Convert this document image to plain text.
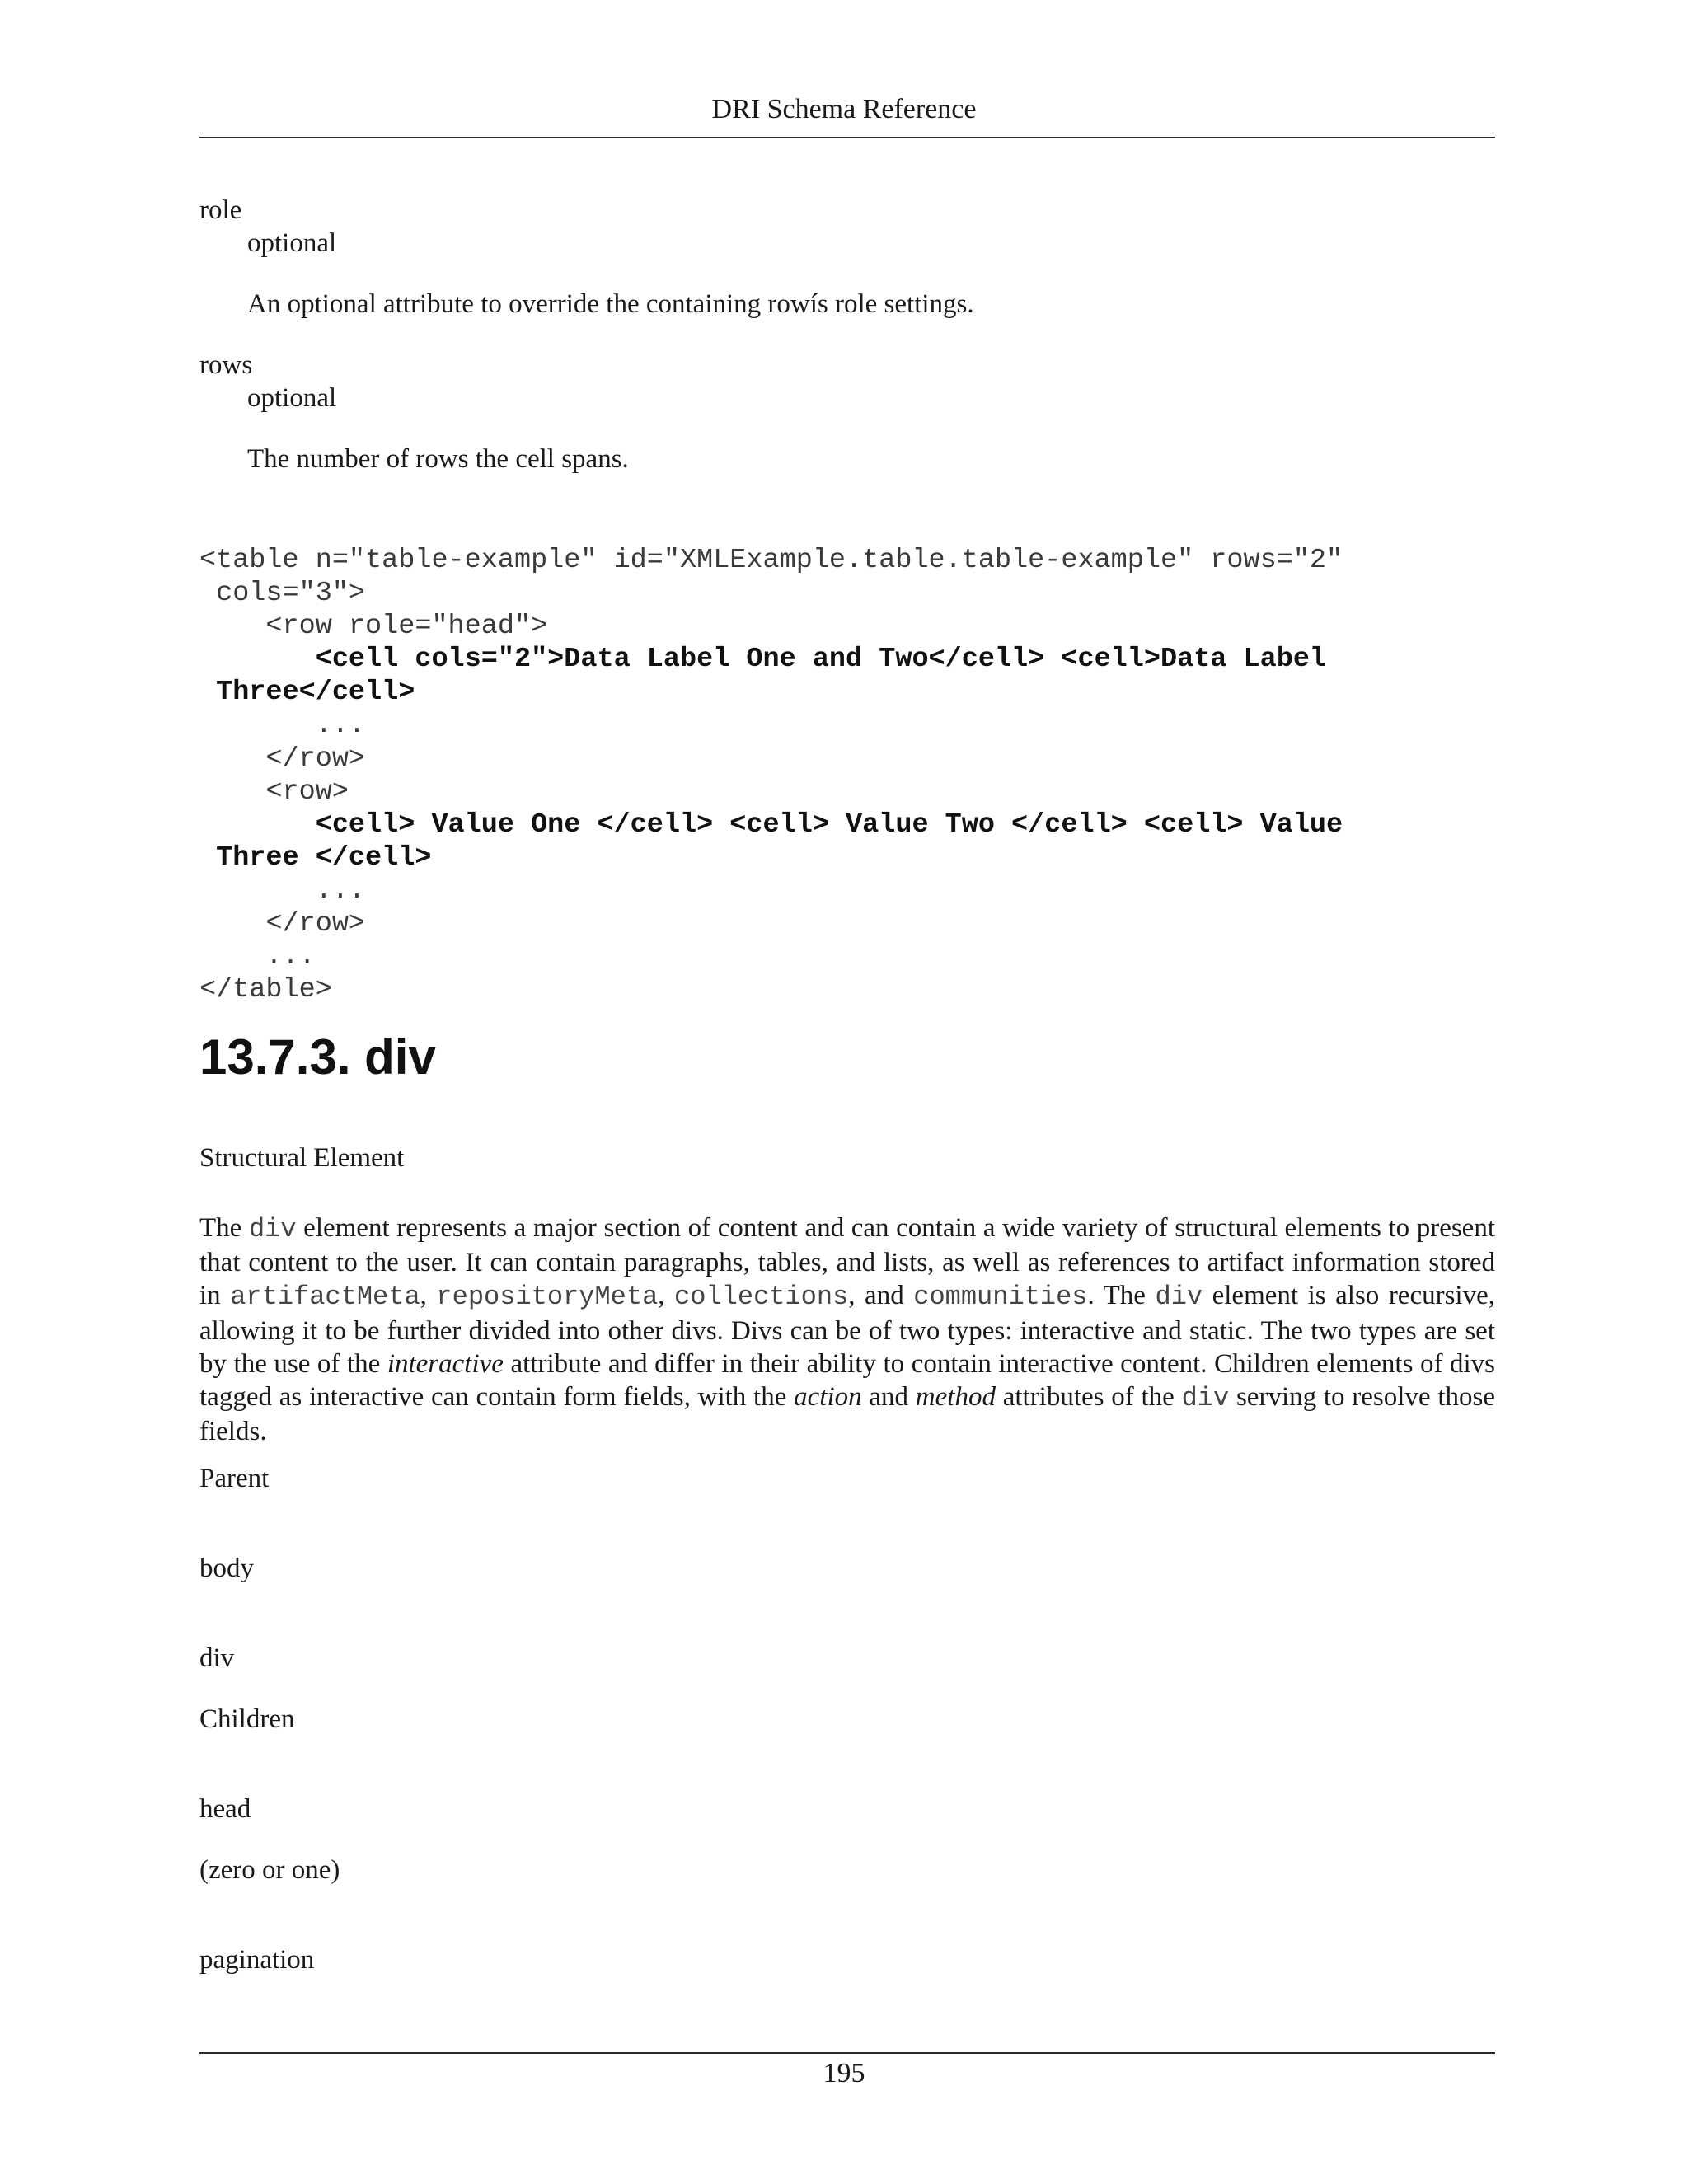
DRI Schema Reference
role
optional
An optional attribute to override the containing rowís role settings.
rows
optional
The number of rows the cell spans.
<table n="table-example" id="XMLExample.table.table-example" rows="2"
cols="3">
<row role="head">
<cell cols="2">Data Label One and Two</cell> <cell>Data Label
Three</cell>
...
</row>
<row>
<cell> Value One </cell> <cell> Value Two </cell> <cell> Value
Three </cell>
...
</row>
...
</table>
13.7.3. div
Structural Element

The div element represents a major section of content and can contain a wide variety of structural elements to present that content to the user. It can contain paragraphs, tables, and lists, as well as references to artifact information stored in artifactMeta, repositoryMeta, collections, and communities. The div element is also recursive, allowing it to be further divided into other divs. Divs can be of two types: interactive and static. The two types are set by the use of the interactive attribute and differ in their ability to contain interactive content. Children elements of divs tagged as interactive can contain form fields, with the action and method attributes of the div serving to resolve those fields.

Parent
body
div
Children
head
(zero or one)
pagination
195
